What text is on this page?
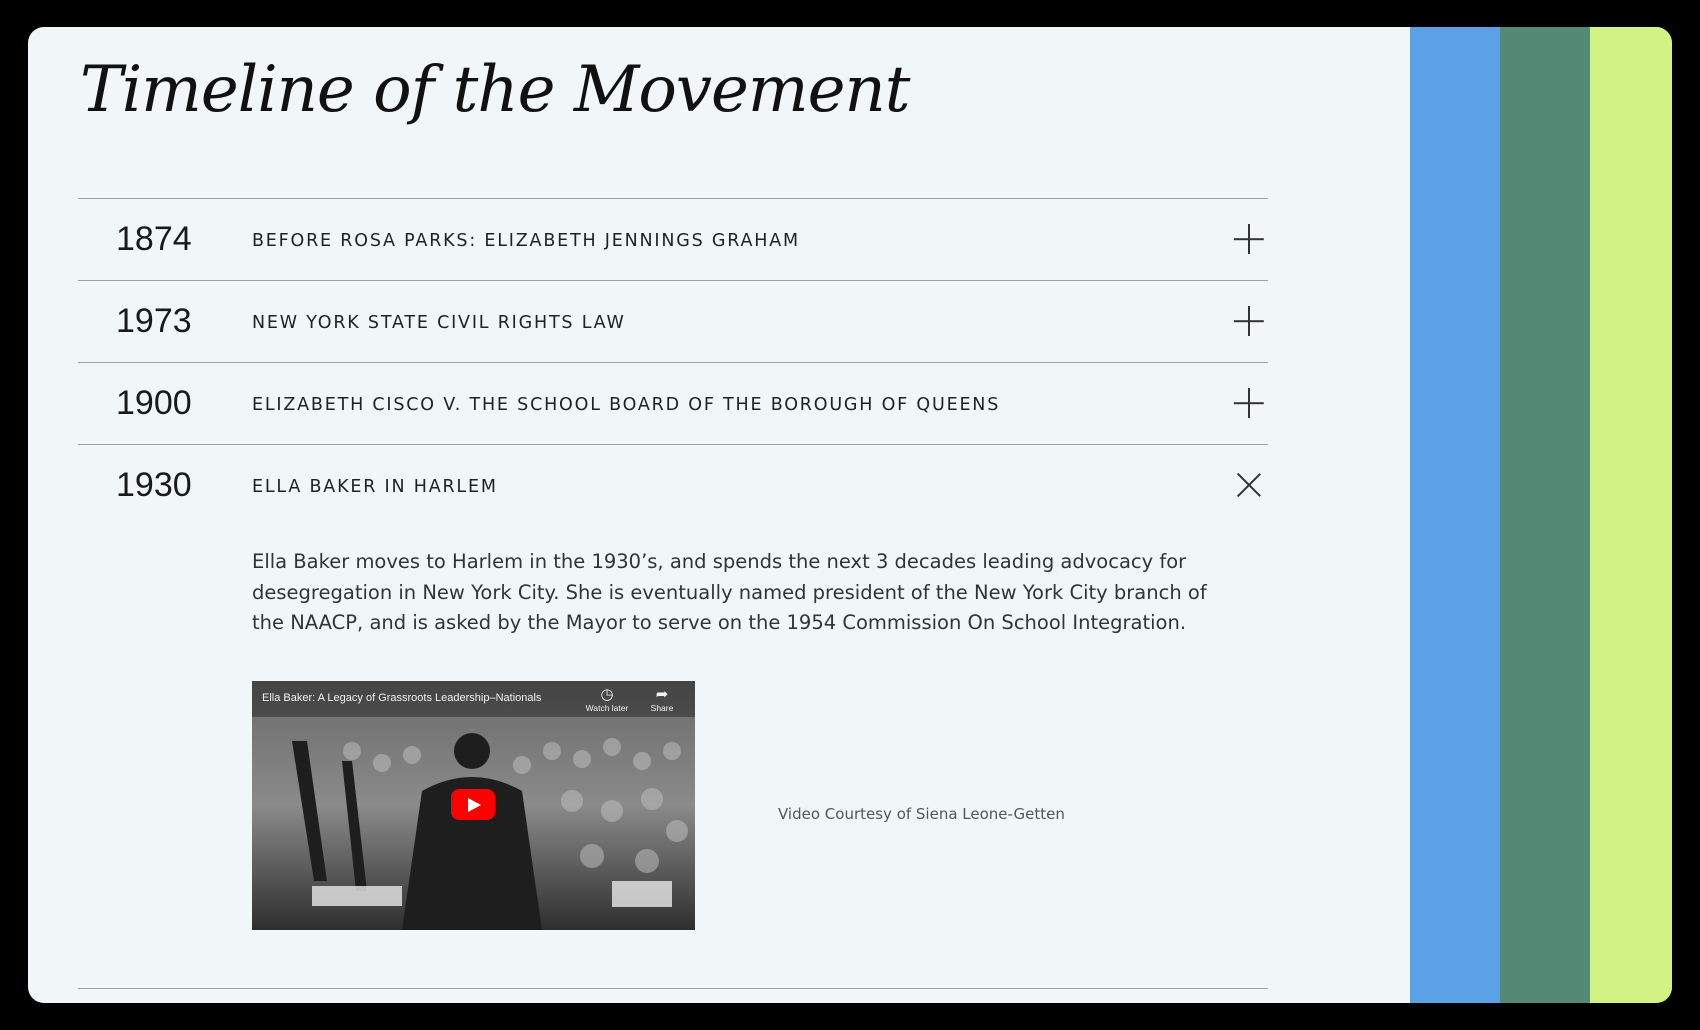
Timeline of the Movement
1874	BEFORE ROSA PARKS: ELIZABETH JENNINGS GRAHAM
1973	NEW YORK STATE CIVIL RIGHTS LAW
1900	ELIZABETH CISCO V. THE SCHOOL BOARD OF THE BOROUGH OF QUEENS
1930	ELLA BAKER IN HARLEM

Ella Baker moves to Harlem in the 1930’s, and spends the next 3 decades leading advocacy for desegregation in New York City. She is eventually named president of the New York City branch of the NAACP, and is asked by the Mayor to serve on the 1954 Commission On School Integration.

Ella Baker: A Legacy of Grassroots Leadership–Nationals	◷
Watch later
➦
Share
Video Courtesy of Siena Leone-Getten
